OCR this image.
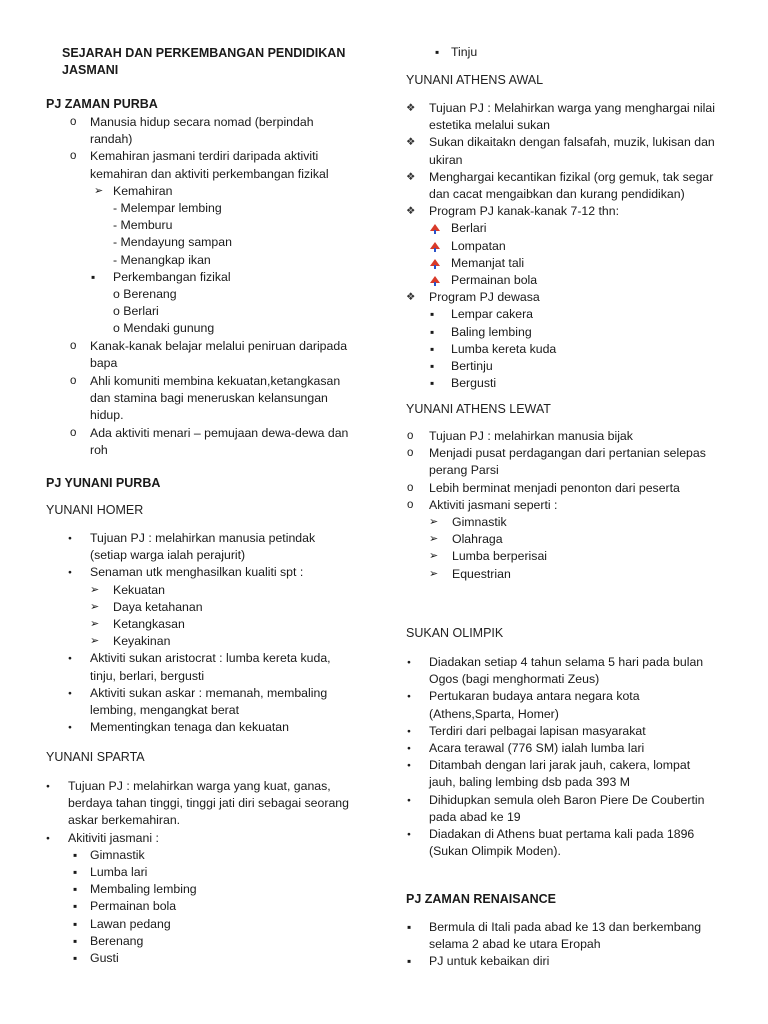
SEJARAH DAN PERKEMBANGAN PENDIDIKAN
JASMANI
PJ ZAMAN PURBA
o
Manusia hidup secara nomad (berpindah
randah)
o
Kemahiran jasmani terdiri daripada aktiviti
kemahiran dan aktiviti perkembangan fizikal
➢
Kemahiran
- Melempar lembing
- Memburu
- Mendayung sampan
- Menangkap ikan
▪
Perkembangan fizikal
o Berenang
o Berlari
o Mendaki gunung
o
Kanak-kanak belajar melalui peniruan daripada
bapa
o
Ahli komuniti membina kekuatan,ketangkasan
dan stamina bagi meneruskan kelansungan
hidup.
o
Ada aktiviti menari – pemujaan dewa-dewa dan
roh
PJ YUNANI PURBA
YUNANI HOMER
●
Tujuan PJ : melahirkan manusia petindak
(setiap warga ialah perajurit)
●
Senaman utk menghasilkan kualiti spt :
➢
Kekuatan
➢
Daya ketahanan
➢
Ketangkasan
➢
Keyakinan
●
Aktiviti sukan aristocrat : lumba kereta kuda,
tinju, berlari, bergusti
●
Aktiviti sukan askar : memanah, membaling
lembing, mengangkat berat
●
Mementingkan tenaga dan kekuatan
YUNANI SPARTA
●
Tujuan PJ : melahirkan warga yang kuat, ganas,
berdaya tahan tinggi, tinggi jati diri sebagai seorang
askar berkemahiran.
●
Akitiviti jasmani :
▪
Gimnastik
▪
Lumba lari
▪
Membaling lembing
▪
Permainan bola
▪
Lawan pedang
▪
Berenang
▪
Gusti
▪
Tinju
YUNANI ATHENS AWAL
❖
Tujuan PJ : Melahirkan warga yang menghargai nilai
estetika melalui sukan
❖
Sukan dikaitakn dengan falsafah, muzik, lukisan dan
ukiran
❖
Menghargai kecantikan fizikal (org gemuk, tak segar
dan cacat mengaibkan dan kurang pendidikan)
❖
Program PJ kanak-kanak 7-12 thn:
Berlari
Lompatan
Memanjat tali
Permainan bola
❖
Program PJ dewasa
▪
Lempar cakera
▪
Baling lembing
▪
Lumba kereta kuda
▪
Bertinju
▪
Bergusti
YUNANI ATHENS LEWAT
o
Tujuan PJ : melahirkan manusia bijak
o
Menjadi pusat perdagangan dari pertanian selepas
perang Parsi
o
Lebih berminat menjadi penonton dari peserta
o
Aktiviti jasmani seperti :
➢
Gimnastik
➢
Olahraga
➢
Lumba berperisai
➢
Equestrian
SUKAN OLIMPIK
●
Diadakan setiap 4 tahun selama 5 hari pada bulan
Ogos (bagi menghormati Zeus)
●
Pertukaran budaya antara negara kota
(Athens,Sparta, Homer)
●
Terdiri dari pelbagai lapisan masyarakat
●
Acara terawal (776 SM) ialah lumba lari
●
Ditambah dengan lari jarak jauh, cakera, lompat
jauh, baling lembing dsb pada 393 M
●
Dihidupkan semula oleh Baron Piere De Coubertin
pada abad ke 19
●
Diadakan di Athens buat pertama kali pada 1896
(Sukan Olimpik Moden).
PJ ZAMAN RENAISANCE
▪
Bermula di Itali pada abad ke 13 dan berkembang
selama 2 abad ke utara Eropah
▪
PJ untuk kebaikan diri
